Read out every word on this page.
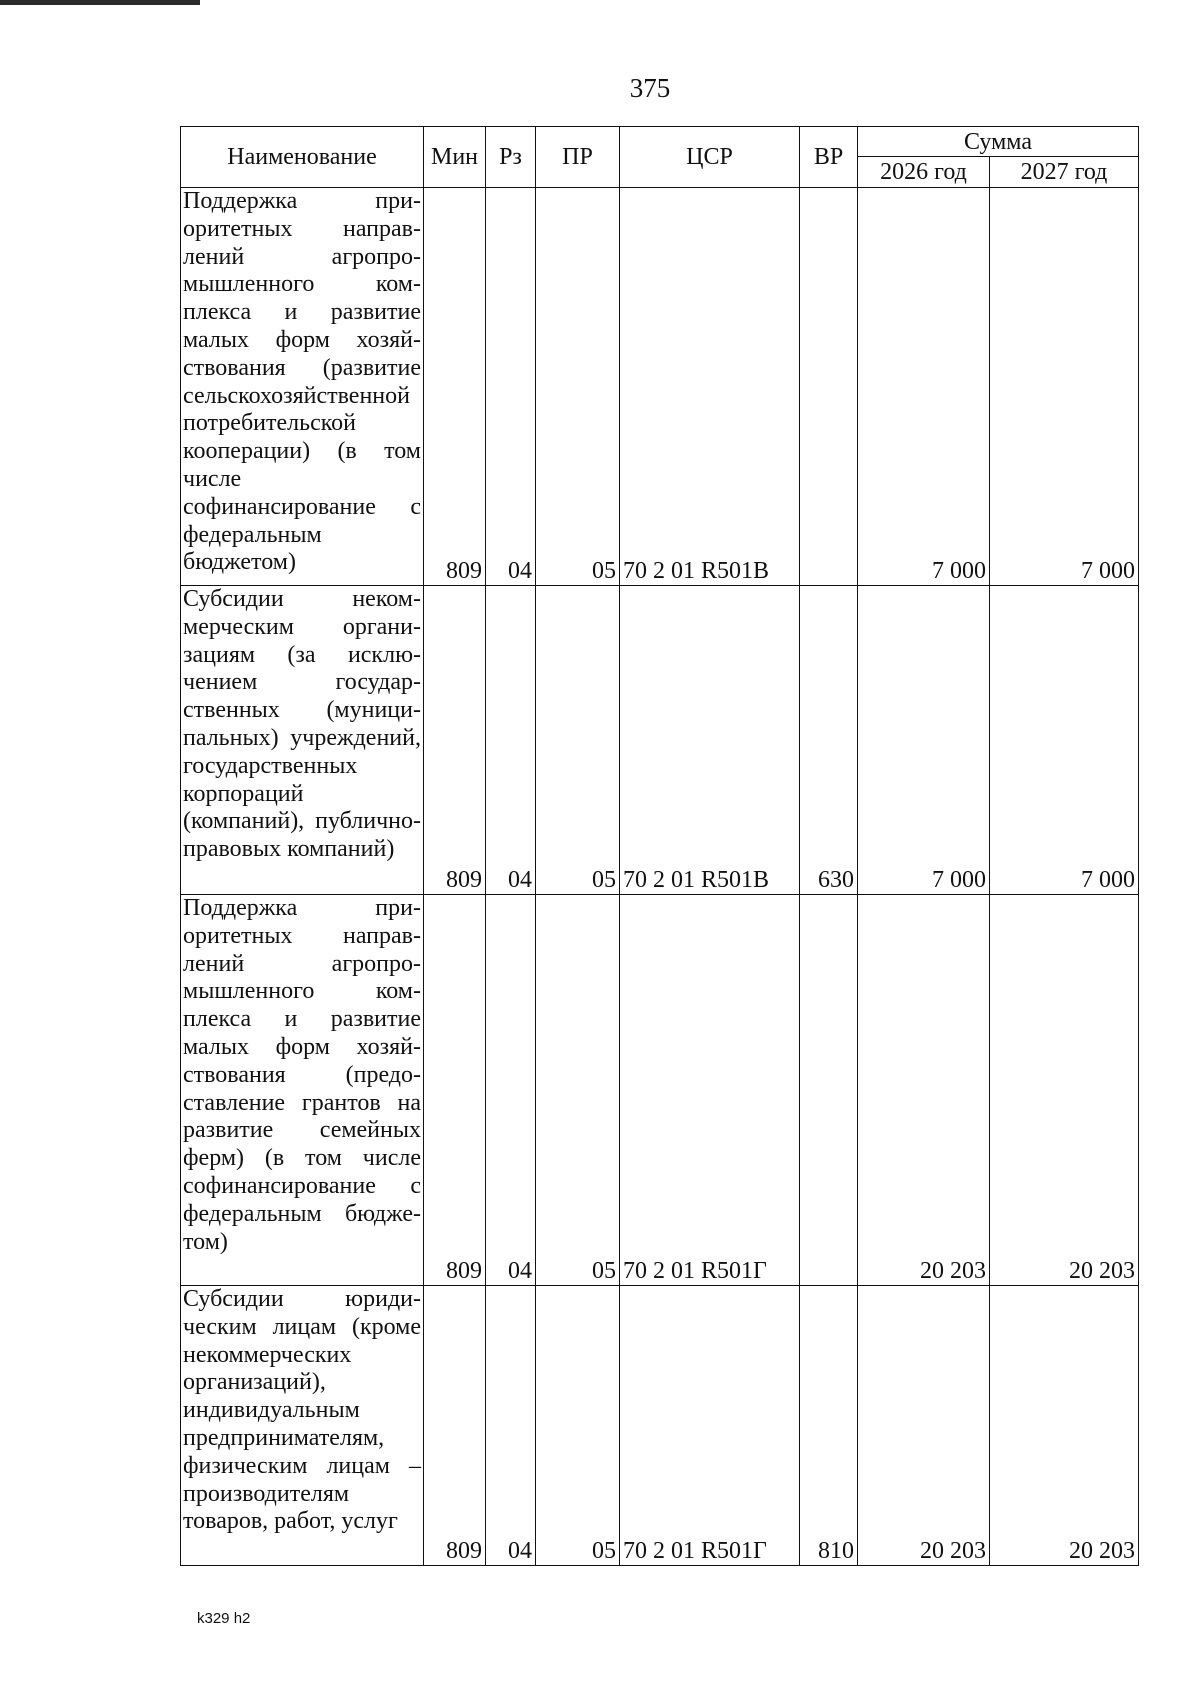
375
Наименование	Мин	Рз	ПР	ЦСР	ВР	Сумма	
						2026 год	2027 год
Поддержка приоритетных направлений агропромышленного комплекса и развитие малых форм хозяйствования (развитие сельскохозяйственной потребительской кооперации) (в том числе софинансирование с федеральным бюджетом)	809	04	05	70 2 01 R501В		7 000	7 000
Субсидии некоммерческим организациям (за исключением государственных (муниципальных) учреждений, государственных корпораций (компаний), публично-правовых компаний)	809	04	05	70 2 01 R501В	630	7 000	7 000
Поддержка приоритетных направлений агропромышленного комплекса и развитие малых форм хозяйствования (предоставление грантов на развитие семейных ферм) (в том числе софинансирование с федеральным бюджетом)	809	04	05	70 2 01 R501Г		20 203	20 203
Субсидии юридическим лицам (кроме некоммерческих организаций), индивидуальным предпринимателям, физическим лицам – производителям товаров, работ, услуг	809	04	05	70 2 01 R501Г	810	20 203	20 203
k329 h2
